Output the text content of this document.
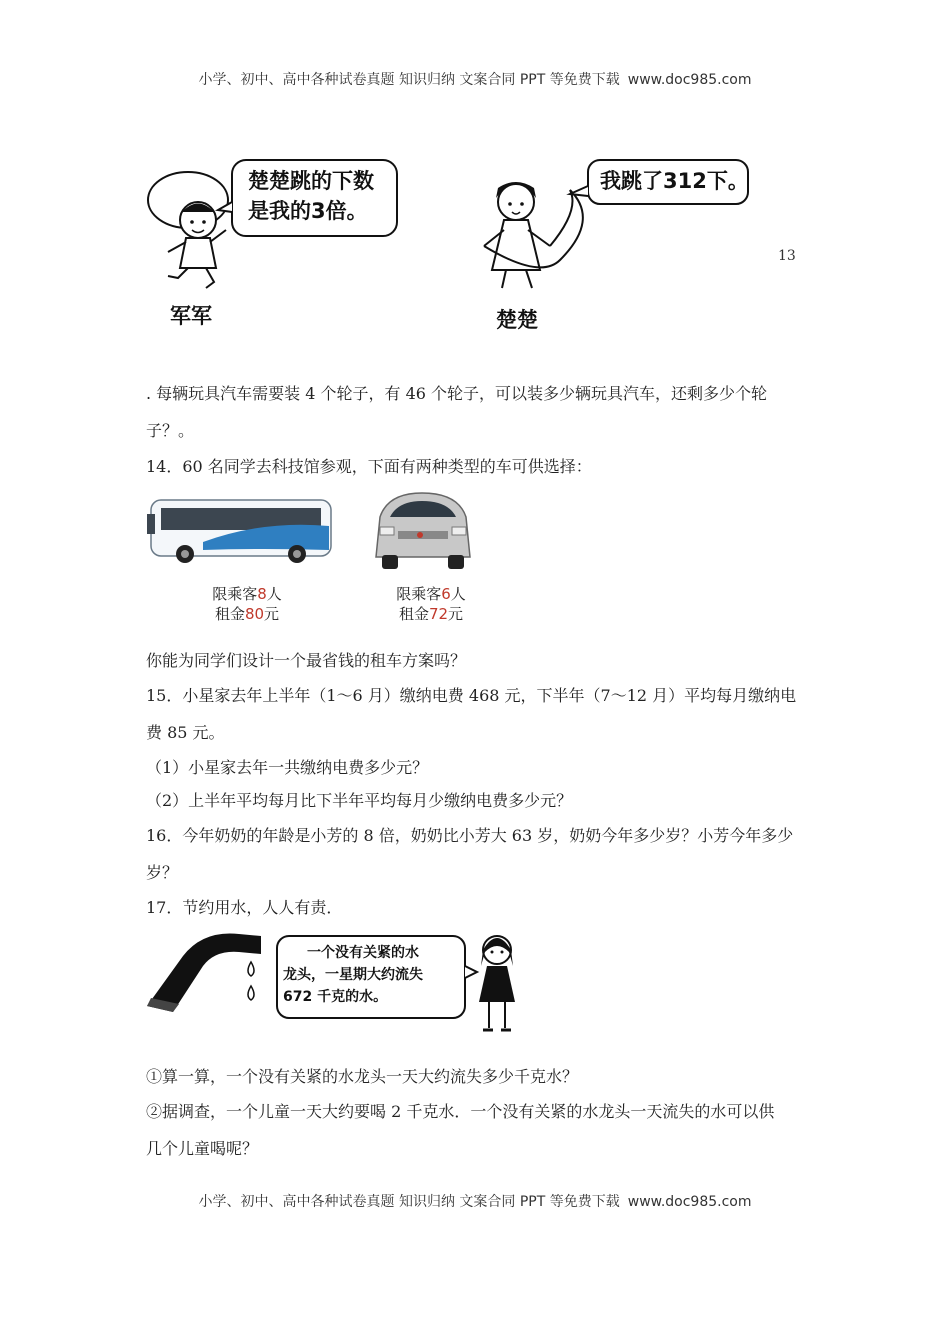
小学、初中、高中各种试卷真题 知识归纳 文案合同 PPT 等免费下载 www.doc985.com
楚楚跳的下数
是我的3倍。
军军
我跳了312下。
楚楚
13
. 每辆玩具汽车需要装 4 个轮子，有 46 个轮子，可以装多少辆玩具汽车，还剩多少个轮
子？。
14．60 名同学去科技馆参观，下面有两种类型的车可供选择：
限乘客8人
租金80元
限乘客6人
租金72元
你能为同学们设计一个最省钱的租车方案吗？
15．小星家去年上半年（1～6 月）缴纳电费 468 元，下半年（7～12 月）平均每月缴纳电
费 85 元。
（1）小星家去年一共缴纳电费多少元？
（2）上半年平均每月比下半年平均每月少缴纳电费多少元？
16．今年奶奶的年龄是小芳的 8 倍，奶奶比小芳大 63 岁，奶奶今年多少岁？小芳今年多少
岁？
17．节约用水，人人有责．
一个没有关紧的水
龙头，一星期大约流失
672 千克的水。
①算一算，一个没有关紧的水龙头一天大约流失多少千克水？
②据调查，一个儿童一天大约要喝 2 千克水．一个没有关紧的水龙头一天流失的水可以供
几个儿童喝呢？
小学、初中、高中各种试卷真题 知识归纳 文案合同 PPT 等免费下载 www.doc985.com
